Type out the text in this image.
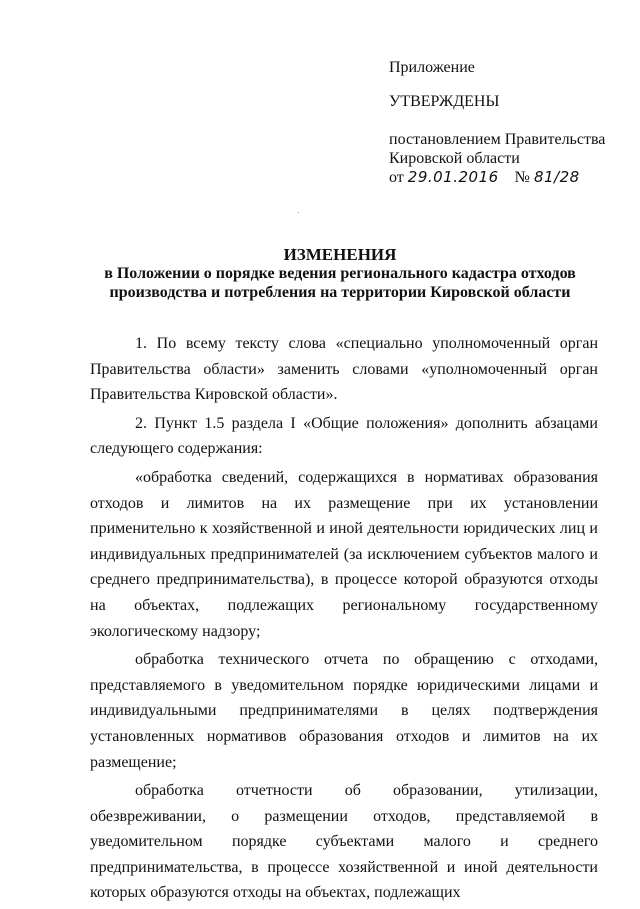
Приложение
УТВЕРЖДЕНЫ
постановлением Правительства
Кировской области
от 29.01.2016 № 81/28
ИЗМЕНЕНИЯ
в Положении о порядке ведения регионального кадастра отходов
производства и потребления на территории Кировской области

1. По всему тексту слова «специально уполномоченный орган Правительства области» заменить словами «уполномоченный орган Правительства Кировской области».

2. Пункт 1.5 раздела I «Общие положения» дополнить абзацами следующего содержания:

«обработка сведений, содержащихся в нормативах образования отходов и лимитов на их размещение при их установлении применительно к хозяйственной и иной деятельности юридических лиц и индивидуальных предпринимателей (за исключением субъектов малого и среднего предпринимательства), в процессе которой образуются отходы на объектах, подлежащих региональному государственному экологическому надзору;

обработка технического отчета по обращению с отходами, представляемого в уведомительном порядке юридическими лицами и индивидуальными предпринимателями в целях подтверждения установленных нормативов образования отходов и лимитов на их размещение;

обработка отчетности об образовании, утилизации, обезвреживании, о размещении отходов, представляемой в уведомительном порядке субъектами малого и среднего предпринимательства, в процессе хозяйственной и иной деятельности которых образуются отходы на объектах, подлежащих
